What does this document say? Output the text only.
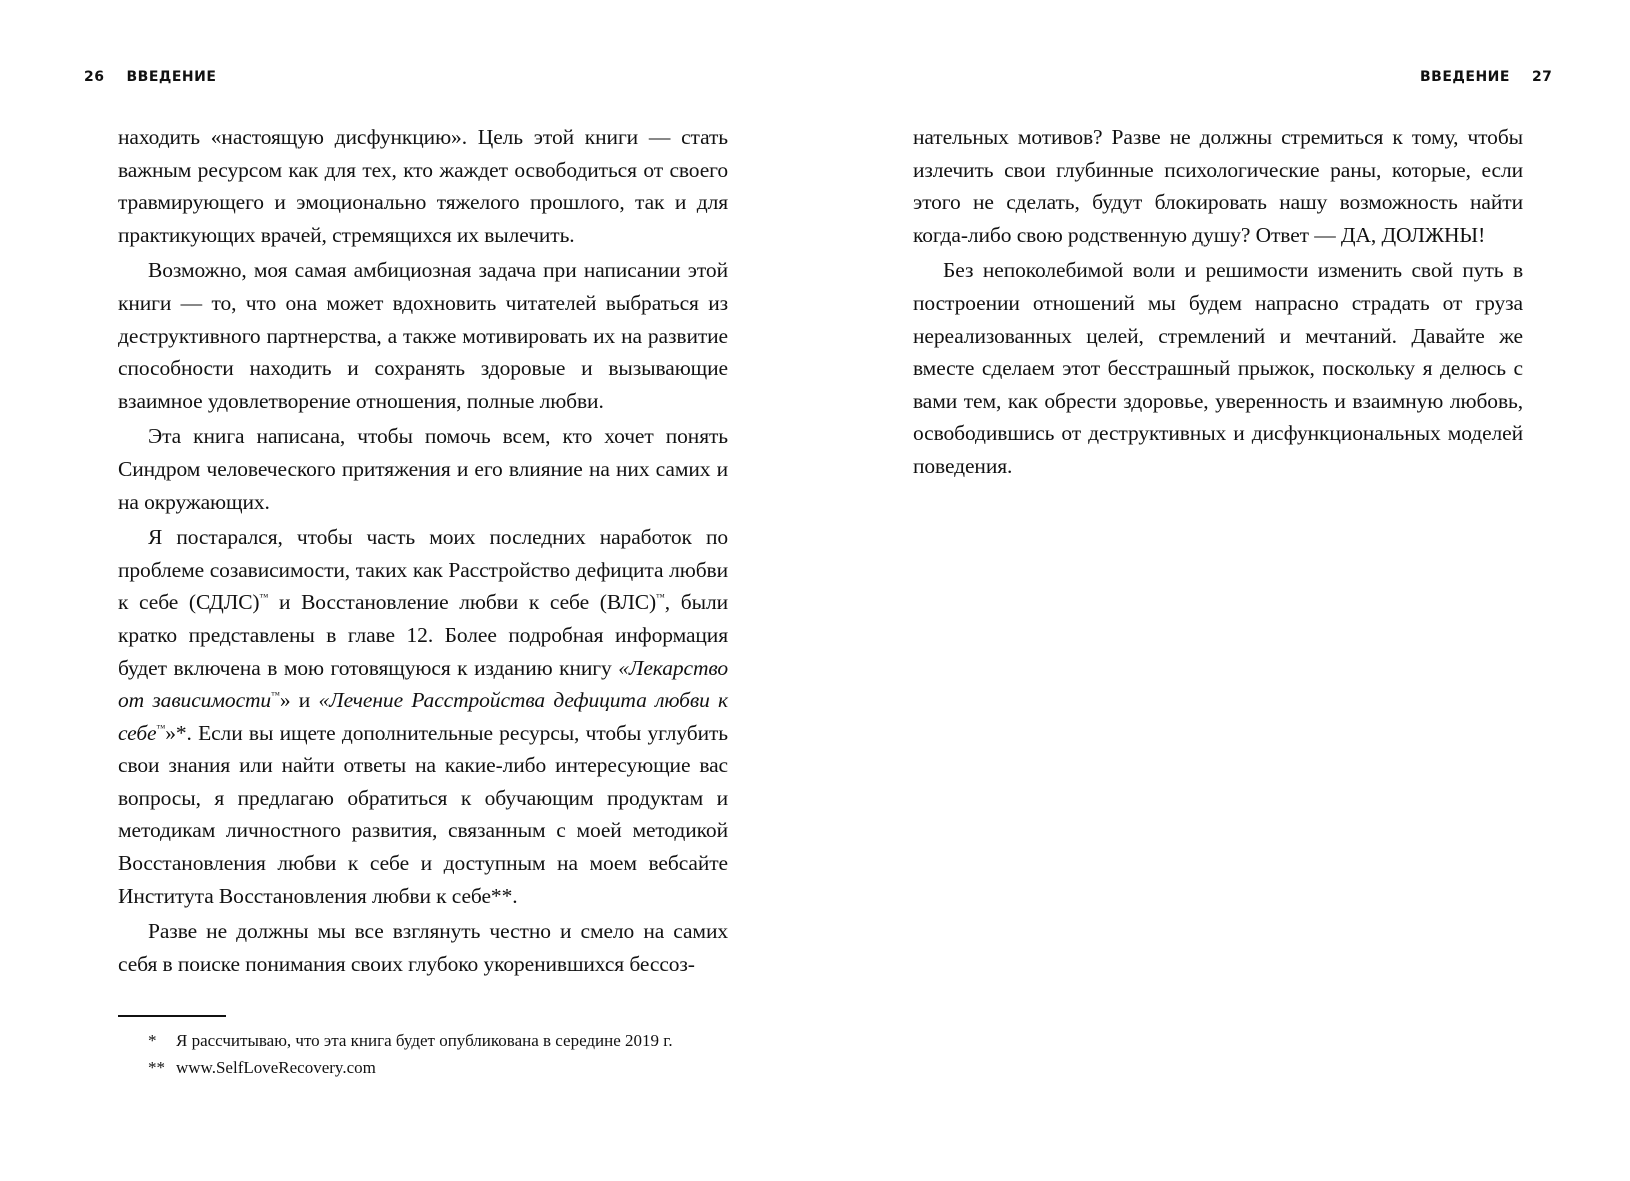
26 ВВЕДЕНИЕ	ВВЕДЕНИЕ 27

находить «настоящую дисфункцию». Цель этой книги — стать важным ресурсом как для тех, кто жаждет освободиться от своего травмирующего и эмоционально тяжелого прошлого, так и для практикующих врачей, стремящихся их вылечить.

Возможно, моя самая амбициозная задача при написании этой книги — то, что она может вдохновить читателей выбраться из деструктивного партнерства, а также мотивировать их на развитие способности находить и сохранять здоровые и вызывающие взаимное удовлетворение отношения, полные любви.

Эта книга написана, чтобы помочь всем, кто хочет понять Синдром человеческого притяжения и его влияние на них самих и на окружающих.

Я постарался, чтобы часть моих последних наработок по проблеме созависимости, таких как Расстройство дефицита любви к себе (СДЛС)™ и Восстановление любви к себе (ВЛС)™, были кратко представлены в главе 12. Более подробная информация будет включена в мою готовящуюся к изданию книгу «Лекарство от зависимости™» и «Лечение Расстройства дефицита любви к себе™»*. Если вы ищете дополнительные ресурсы, чтобы углубить свои знания или найти ответы на какие-либо интересующие вас вопросы, я предлагаю обратиться к обучающим продуктам и методикам личностного развития, связанным с моей методикой Восстановления любви к себе и доступным на моем вебсайте Института Восстановления любви к себе**.

Разве не должны мы все взглянуть честно и смело на самих себя в поиске понимания своих глубоко укоренившихся бессоз-

* Я рассчитываю, что эта книга будет опубликована в середине 2019 г.
** www.SelfLoveRecovery.com

нательных мотивов? Разве не должны стремиться к тому, чтобы излечить свои глубинные психологические раны, которые, если этого не сделать, будут блокировать нашу возможность найти когда-либо свою родственную душу? Ответ — ДА, ДОЛЖНЫ!

Без непоколебимой воли и решимости изменить свой путь в построении отношений мы будем напрасно страдать от груза нереализованных целей, стремлений и мечтаний. Давайте же вместе сделаем этот бесстрашный прыжок, поскольку я делюсь с вами тем, как обрести здоровье, уверенность и взаимную любовь, освободившись от деструктивных и дисфункциональных моделей поведения.
